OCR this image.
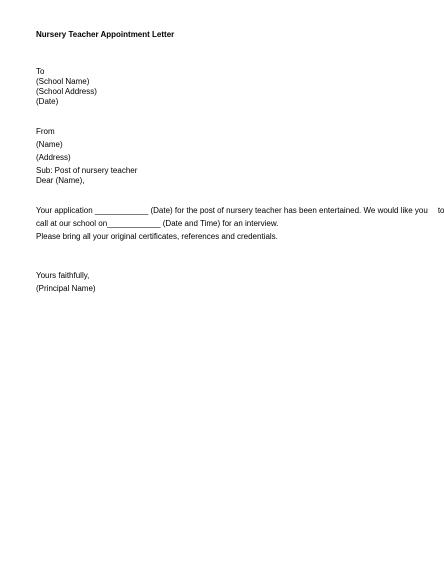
Nursery Teacher Appointment Letter
To
(School Name)
(School Address)
(Date)
From
(Name)
(Address)
Sub: Post of nursery teacher
Dear (Name),
Your application ____________ (Date) for the post of nursery teacher has been entertained. We would like you to
call at our school on____________ (Date and Time) for an interview.
Please bring all your original certificates, references and credentials.
Yours faithfully,
(Principal Name)
